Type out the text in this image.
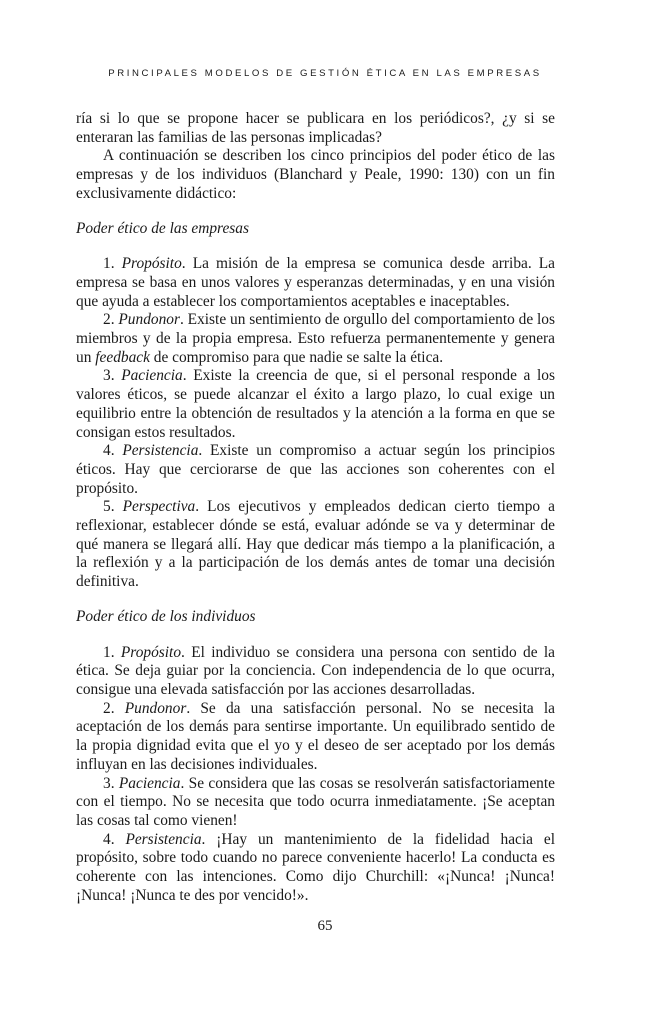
PRINCIPALES MODELOS DE GESTIÓN ÉTICA EN LAS EMPRESAS

ría si lo que se propone hacer se publicara en los periódicos?, ¿y si se enteraran las familias de las personas implicadas?

A continuación se describen los cinco principios del poder ético de las empresas y de los individuos (Blanchard y Peale, 1990: 130) con un fin exclusivamente didáctico:

Poder ético de las empresas

1. Propósito. La misión de la empresa se comunica desde arriba. La empresa se basa en unos valores y esperanzas determinadas, y en una visión que ayuda a establecer los comportamientos aceptables e inaceptables.

2. Pundonor. Existe un sentimiento de orgullo del comportamiento de los miembros y de la propia empresa. Esto refuerza permanentemente y genera un feedback de compromiso para que nadie se salte la ética.

3. Paciencia. Existe la creencia de que, si el personal responde a los valores éticos, se puede alcanzar el éxito a largo plazo, lo cual exige un equilibrio entre la obtención de resultados y la atención a la forma en que se consigan estos resultados.

4. Persistencia. Existe un compromiso a actuar según los principios éticos. Hay que cerciorarse de que las acciones son coherentes con el propósito.

5. Perspectiva. Los ejecutivos y empleados dedican cierto tiempo a reflexionar, establecer dónde se está, evaluar adónde se va y determinar de qué manera se llegará allí. Hay que dedicar más tiempo a la planificación, a la reflexión y a la participación de los demás antes de tomar una decisión definitiva.

Poder ético de los individuos

1. Propósito. El individuo se considera una persona con sentido de la ética. Se deja guiar por la conciencia. Con independencia de lo que ocurra, consigue una elevada satisfacción por las acciones desarrolladas.

2. Pundonor. Se da una satisfacción personal. No se necesita la aceptación de los demás para sentirse importante. Un equilibrado sentido de la propia dignidad evita que el yo y el deseo de ser aceptado por los demás influyan en las decisiones individuales.

3. Paciencia. Se considera que las cosas se resolverán satisfactoriamente con el tiempo. No se necesita que todo ocurra inmediatamente. ¡Se aceptan las cosas tal como vienen!

4. Persistencia. ¡Hay un mantenimiento de la fidelidad hacia el propósito, sobre todo cuando no parece conveniente hacerlo! La conducta es coherente con las intenciones. Como dijo Churchill: «¡Nunca! ¡Nunca! ¡Nunca! ¡Nunca te des por vencido!».

65
